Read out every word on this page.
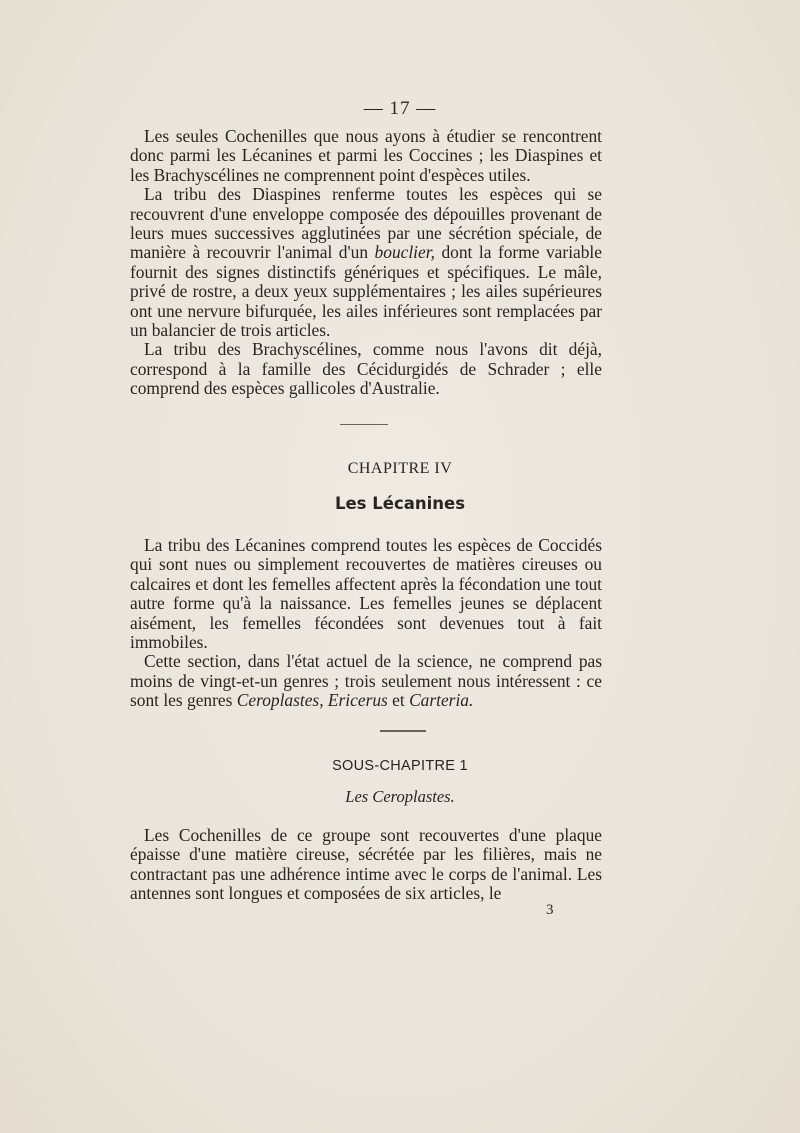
— 17 —

Les seules Cochenilles que nous ayons à étudier se rencontrent donc parmi les Lécanines et parmi les Coccines ; les Diaspines et les Brachyscélines ne comprennent point d'espèces utiles.

La tribu des Diaspines renferme toutes les espèces qui se recouvrent d'une enveloppe composée des dépouilles provenant de leurs mues successives agglutinées par une sécrétion spéciale, de manière à recouvrir l'animal d'un bouclier, dont la forme variable fournit des signes distinctifs génériques et spécifiques. Le mâle, privé de rostre, a deux yeux supplémentaires ; les ailes supérieures ont une nervure bifurquée, les ailes inférieures sont remplacées par un balancier de trois articles.

La tribu des Brachyscélines, comme nous l'avons dit déjà, correspond à la famille des Cécidurgidés de Schrader ; elle comprend des espèces gallicoles d'Australie.

CHAPITRE IV
Les Lécanines

La tribu des Lécanines comprend toutes les espèces de Coccidés qui sont nues ou simplement recouvertes de matières cireuses ou calcaires et dont les femelles affectent après la fécondation une tout autre forme qu'à la naissance. Les femelles jeunes se déplacent aisément, les femelles fécondées sont devenues tout à fait immobiles.

Cette section, dans l'état actuel de la science, ne comprend pas moins de vingt-et-un genres ; trois seulement nous intéressent : ce sont les genres Ceroplastes, Ericerus et Carteria.

SOUS-CHAPITRE 1
Les Ceroplastes.

Les Cochenilles de ce groupe sont recouvertes d'une plaque épaisse d'une matière cireuse, sécrétée par les filières, mais ne contractant pas une adhérence intime avec le corps de l'animal. Les antennes sont longues et composées de six articles, le

3
